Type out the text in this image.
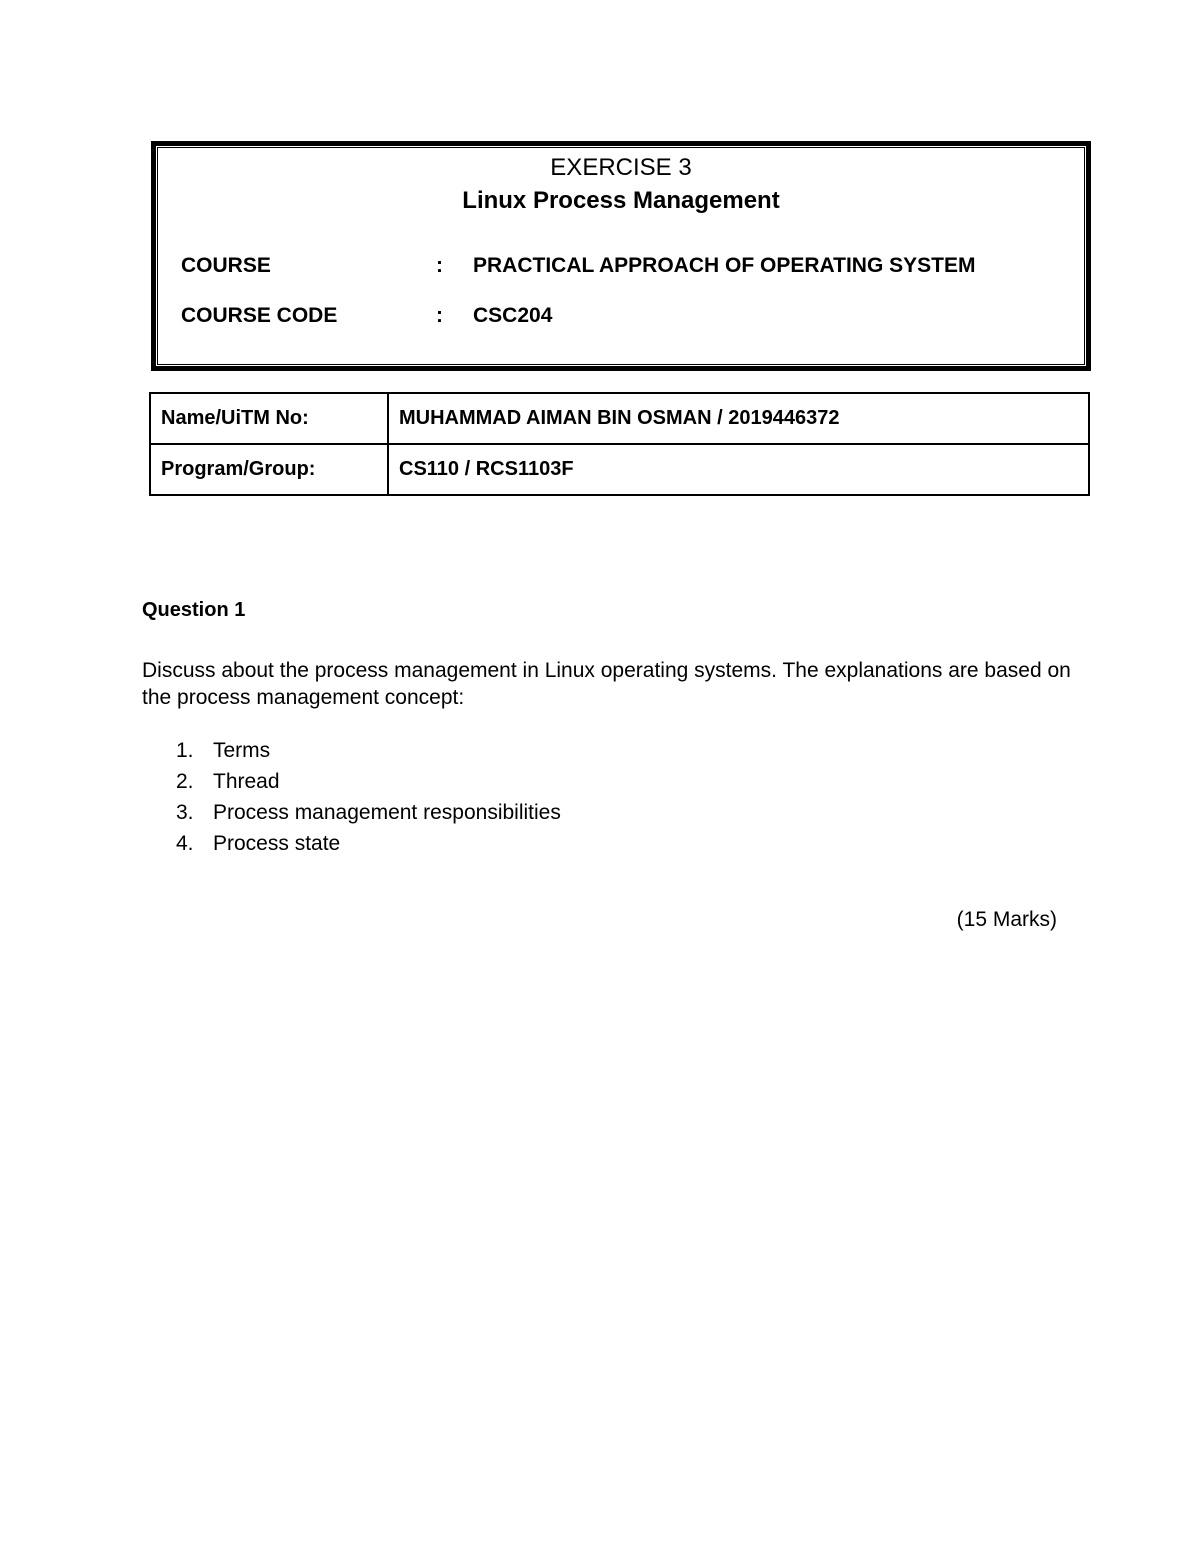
EXERCISE 3
Linux Process Management
COURSE	: PRACTICAL APPROACH OF OPERATING SYSTEM
COURSE CODE	: CSC204
Name/UiTM No:	MUHAMMAD AIMAN BIN OSMAN / 2019446372
Program/Group:	CS110 / RCS1103F
Question 1
Discuss about the process management in Linux operating systems. The explanations are based on the process management concept:
1. Terms
2. Thread
3. Process management responsibilities
4. Process state
(15 Marks)
